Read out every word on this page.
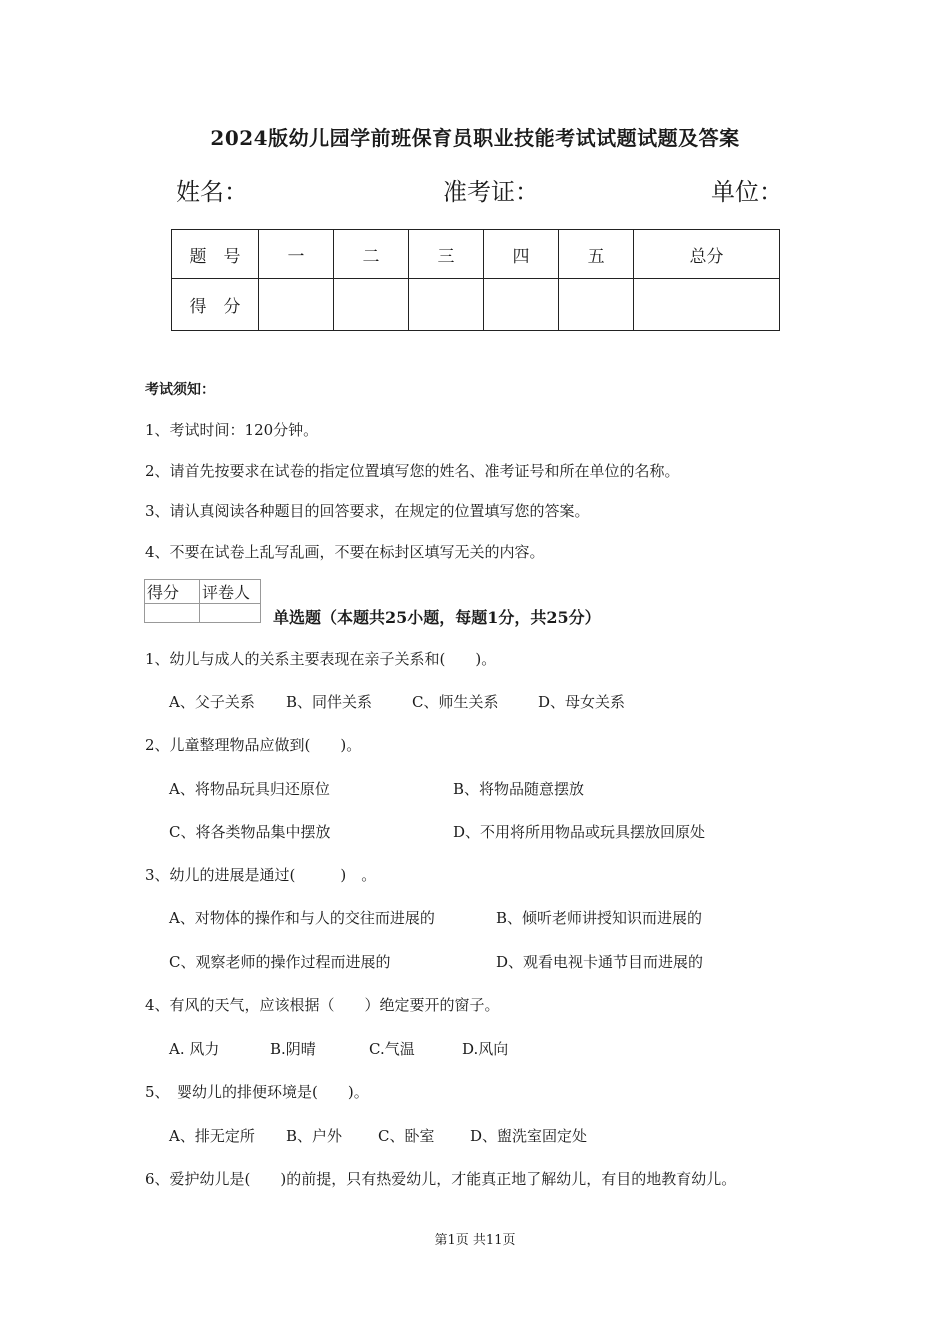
2024版幼儿园学前班保育员职业技能考试试题试题及答案
姓名：	准考证：	单位：
题　号	一	二	三	四	五	总分
得　分						
考试须知：
1、考试时间：120分钟。
2、请首先按要求在试卷的指定位置填写您的姓名、准考证号和所在单位的名称。
3、请认真阅读各种题目的回答要求，在规定的位置填写您的答案。
4、不要在试卷上乱写乱画，不要在标封区填写无关的内容。
得分	评卷人

单选题（本题共25小题，每题1分，共25分）
1、幼儿与成人的关系主要表现在亲子关系和(　　)。
A、父子关系 B、同伴关系	C、师生关系	D、母女关系
2、儿童整理物品应做到(　　)。
A、将物品玩具归还原位	B、将物品随意摆放
C、将各类物品集中摆放	D、不用将所用物品或玩具摆放回原处
3、幼儿的进展是通过(　　　)　。
A、对物体的操作和与人的交往而进展的	B、倾听老师讲授知识而进展的
C、观察老师的操作过程而进展的	D、观看电视卡通节目而进展的
4、有风的天气，应该根据（　　）绝定要开的窗子。
A. 风力	B.阴晴	C.气温	D.风向
5、　婴幼儿的排便环境是(　　)。
A、排无定所 B、户外 C、卧室 D、盥洗室固定处
6、爱护幼儿是(　　)的前提，只有热爱幼儿，才能真正地了解幼儿，有目的地教育幼儿。
第1页 共11页
